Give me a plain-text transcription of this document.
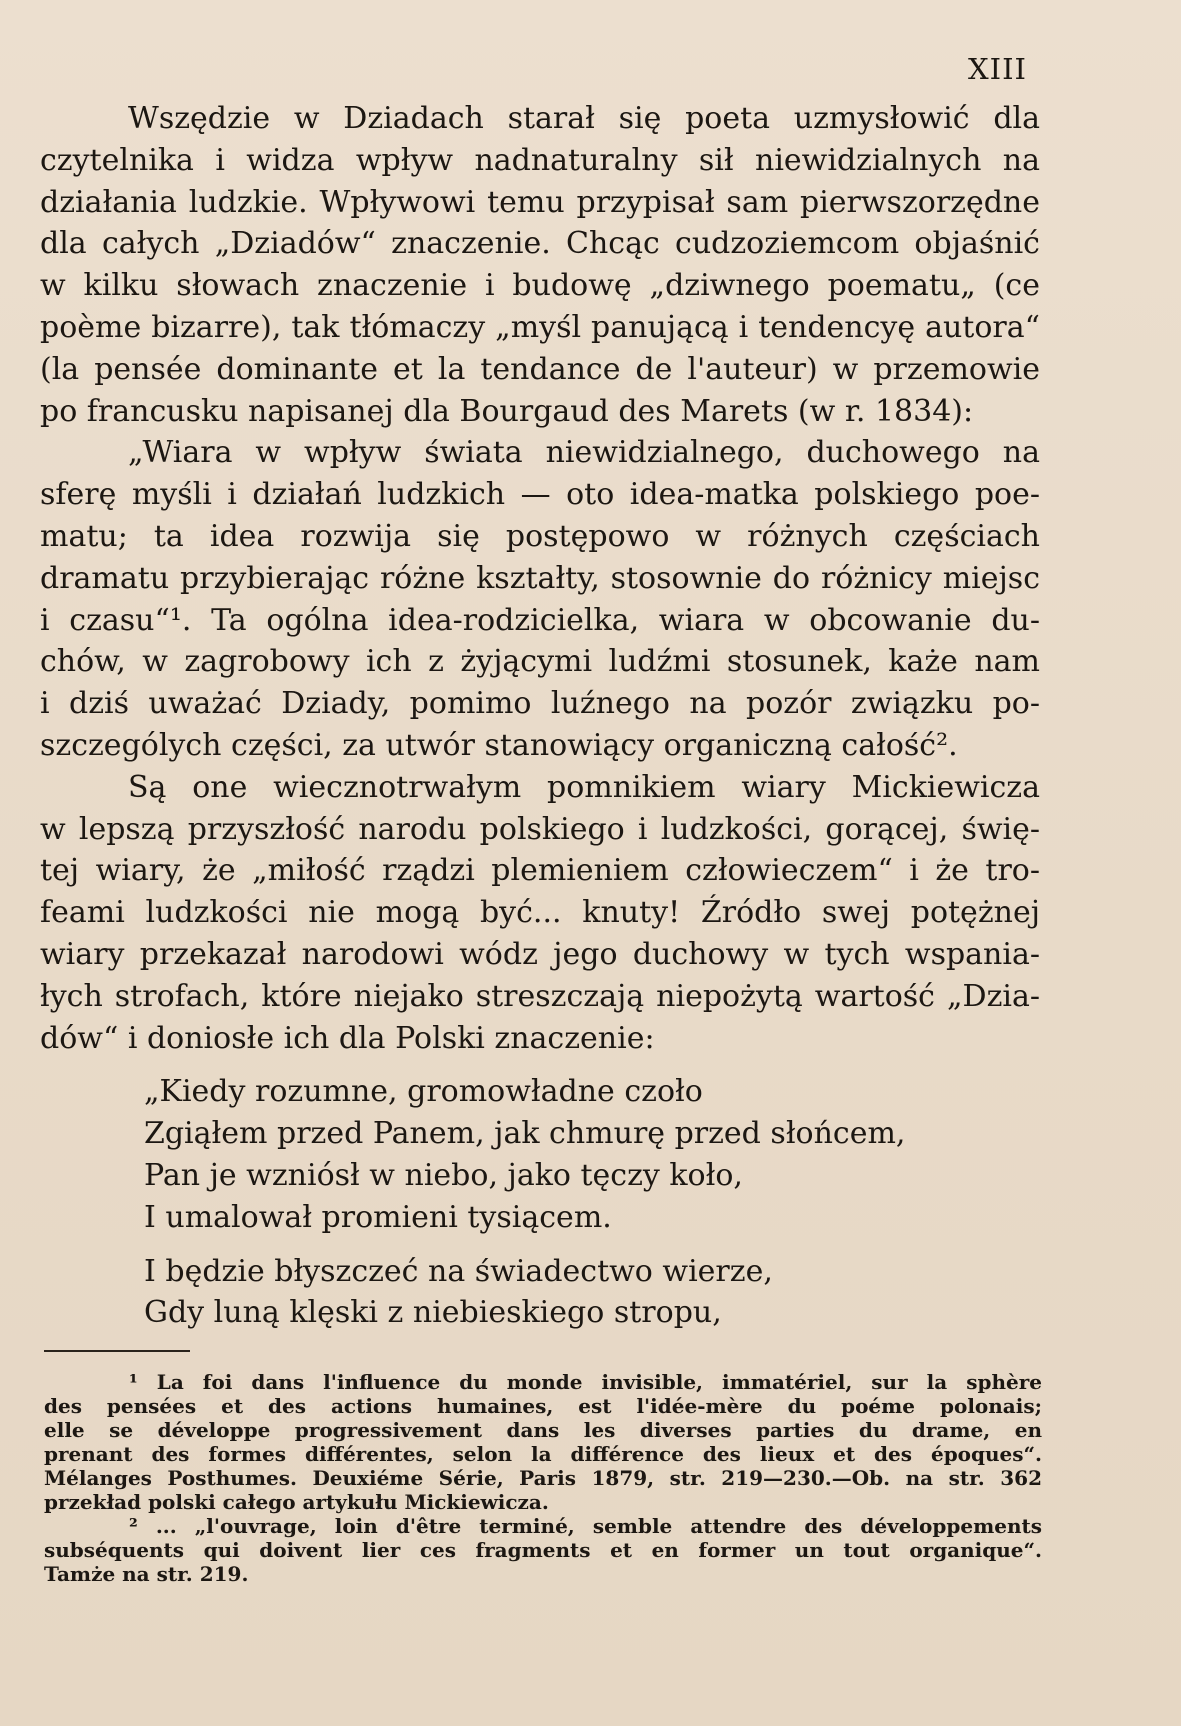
XIII
Wszędzie w Dziadach starał się poeta uzmysłowić dla
czytelnika i widza wpływ nadnaturalny sił niewidzialnych na
działania ludzkie. Wpływowi temu przypisał sam pierwszorzędne
dla całych „Dziadów“ znaczenie. Chcąc cudzoziemcom objaśnić
w kilku słowach znaczenie i budowę „dziwnego poematu„ (ce
poème bizarre), tak tłómaczy „myśl panującą i tendencyę autora“
(la pensée dominante et la tendance de l'auteur) w przemowie
po francusku napisanej dla Bourgaud des Marets (w r. 1834):
„Wiara w wpływ świata niewidzialnego, duchowego na
sferę myśli i działań ludzkich — oto idea-matka polskiego poe-
matu; ta idea rozwija się postępowo w różnych częściach
dramatu przybierając różne kształty, stosownie do różnicy miejsc
i czasu“¹. Ta ogólna idea-rodzicielka, wiara w obcowanie du-
chów, w zagrobowy ich z żyjącymi ludźmi stosunek, każe nam
i dziś uważać Dziady, pomimo luźnego na pozór związku po-
szczególych części, za utwór stanowiący organiczną całość².
Są one wiecznotrwałym pomnikiem wiary Mickiewicza
w lepszą przyszłość narodu polskiego i ludzkości, gorącej, świę-
tej wiary, że „miłość rządzi plemieniem człowieczem“ i że tro-
feami ludzkości nie mogą być... knuty! Źródło swej potężnej
wiary przekazał narodowi wódz jego duchowy w tych wspania-
łych strofach, które niejako streszczają niepożytą wartość „Dzia-
dów“ i doniosłe ich dla Polski znaczenie:
„Kiedy rozumne, gromowładne czoło
Zgiąłem przed Panem, jak chmurę przed słońcem,
Pan je wzniósł w niebo, jako tęczy koło,
I umalował promieni tysiącem.
I będzie błyszczeć na świadectwo wierze,
Gdy luną klęski z niebieskiego stropu,
¹ La foi dans l'influence du monde invisible, immatériel, sur la sphère
des pensées et des actions humaines, est l'idée-mère du poéme polonais;
elle se développe progressivement dans les diverses parties du drame, en
prenant des formes différentes, selon la différence des lieux et des époques“.
Mélanges Posthumes. Deuxiéme Série, Paris 1879, str. 219—230.—Ob. na str. 362
przekład polski całego artykułu Mickiewicza.
² ... „l'ouvrage, loin d'être terminé, semble attendre des développements
subséquents qui doivent lier ces fragments et en former un tout organique“.
Tamże na str. 219.
